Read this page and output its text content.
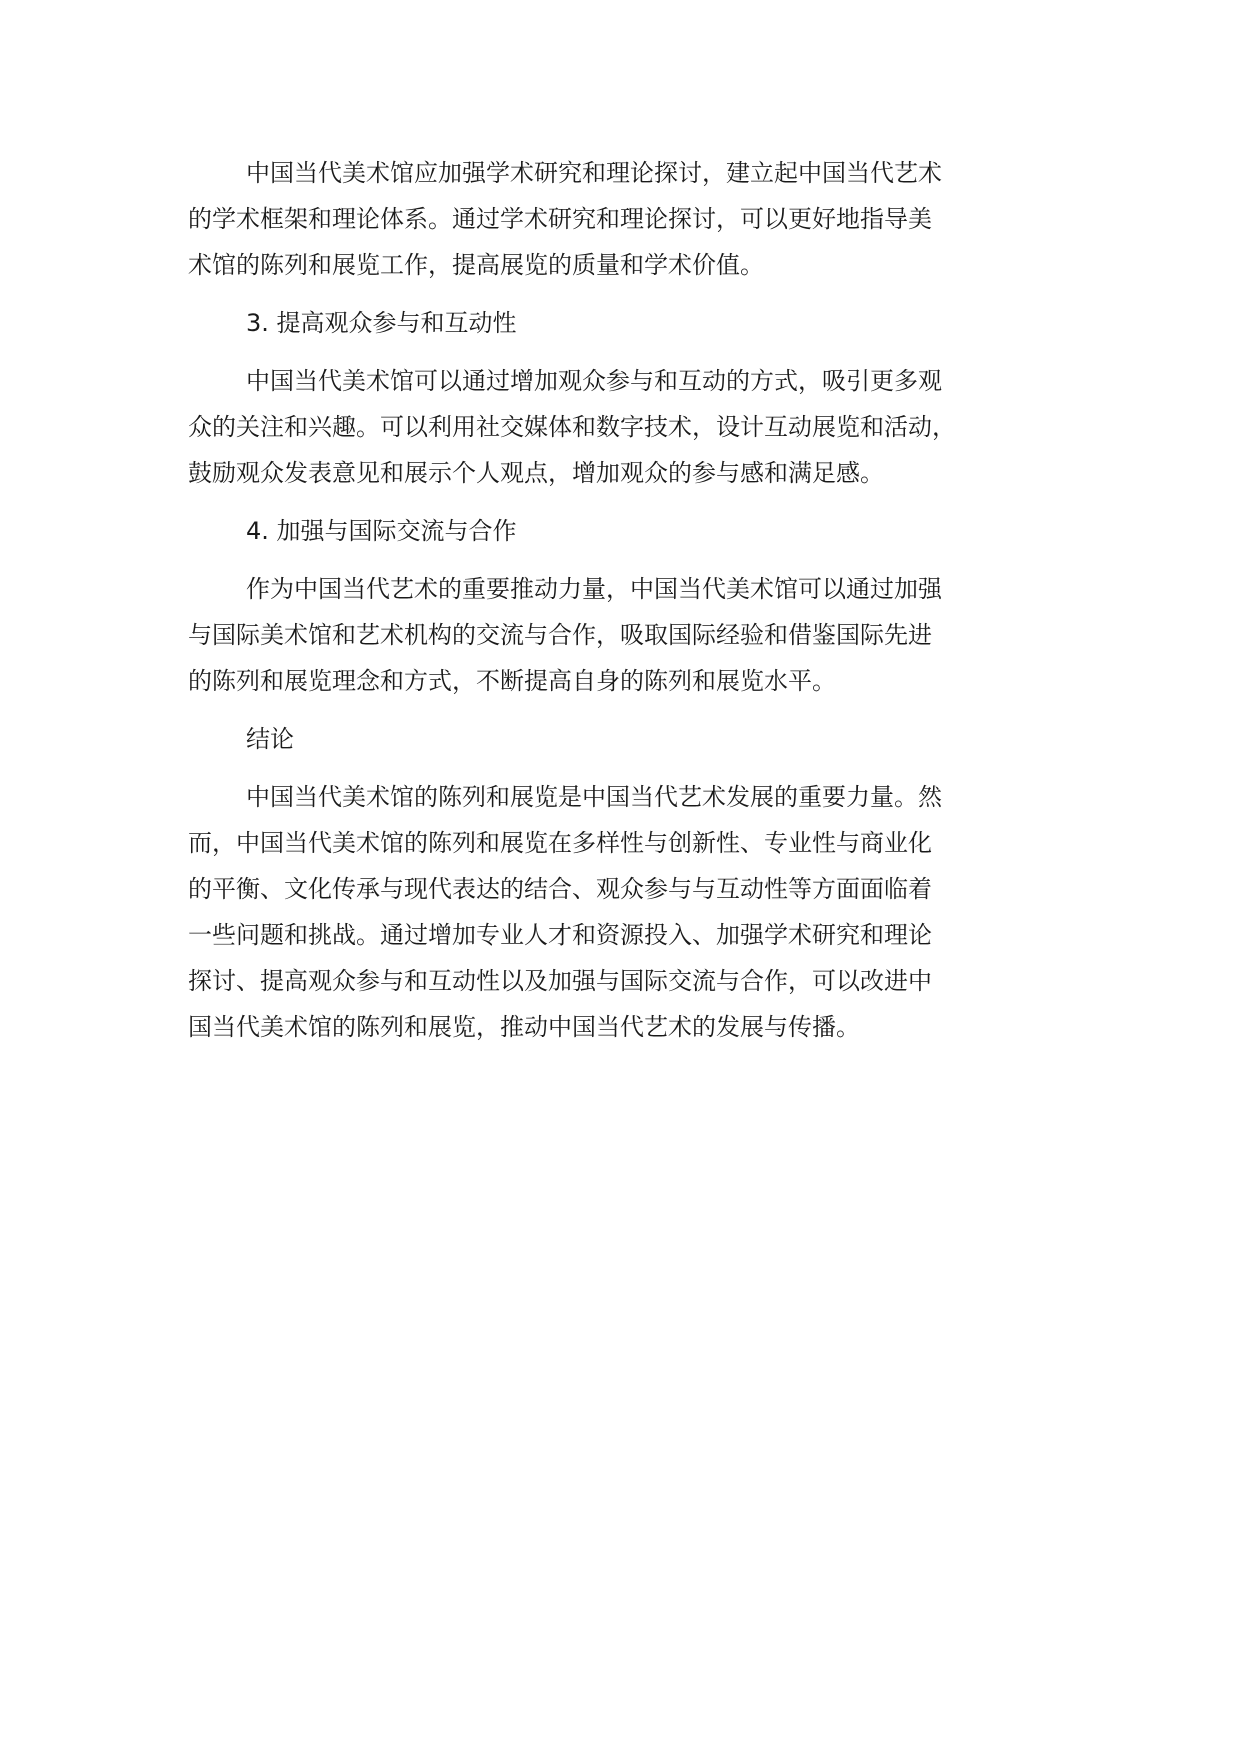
中国当代美术馆应加强学术研究和理论探讨，建立起中国当代艺术
的学术框架和理论体系。通过学术研究和理论探讨，可以更好地指导美
术馆的陈列和展览工作，提高展览的质量和学术价值。
3. 提高观众参与和互动性
中国当代美术馆可以通过增加观众参与和互动的方式，吸引更多观
众的关注和兴趣。可以利用社交媒体和数字技术，设计互动展览和活动，
鼓励观众发表意见和展示个人观点，增加观众的参与感和满足感。
4. 加强与国际交流与合作
作为中国当代艺术的重要推动力量，中国当代美术馆可以通过加强
与国际美术馆和艺术机构的交流与合作，吸取国际经验和借鉴国际先进
的陈列和展览理念和方式，不断提高自身的陈列和展览水平。
结论
中国当代美术馆的陈列和展览是中国当代艺术发展的重要力量。然
而，中国当代美术馆的陈列和展览在多样性与创新性、专业性与商业化
的平衡、文化传承与现代表达的结合、观众参与与互动性等方面面临着
一些问题和挑战。通过增加专业人才和资源投入、加强学术研究和理论
探讨、提高观众参与和互动性以及加强与国际交流与合作，可以改进中
国当代美术馆的陈列和展览，推动中国当代艺术的发展与传播。
